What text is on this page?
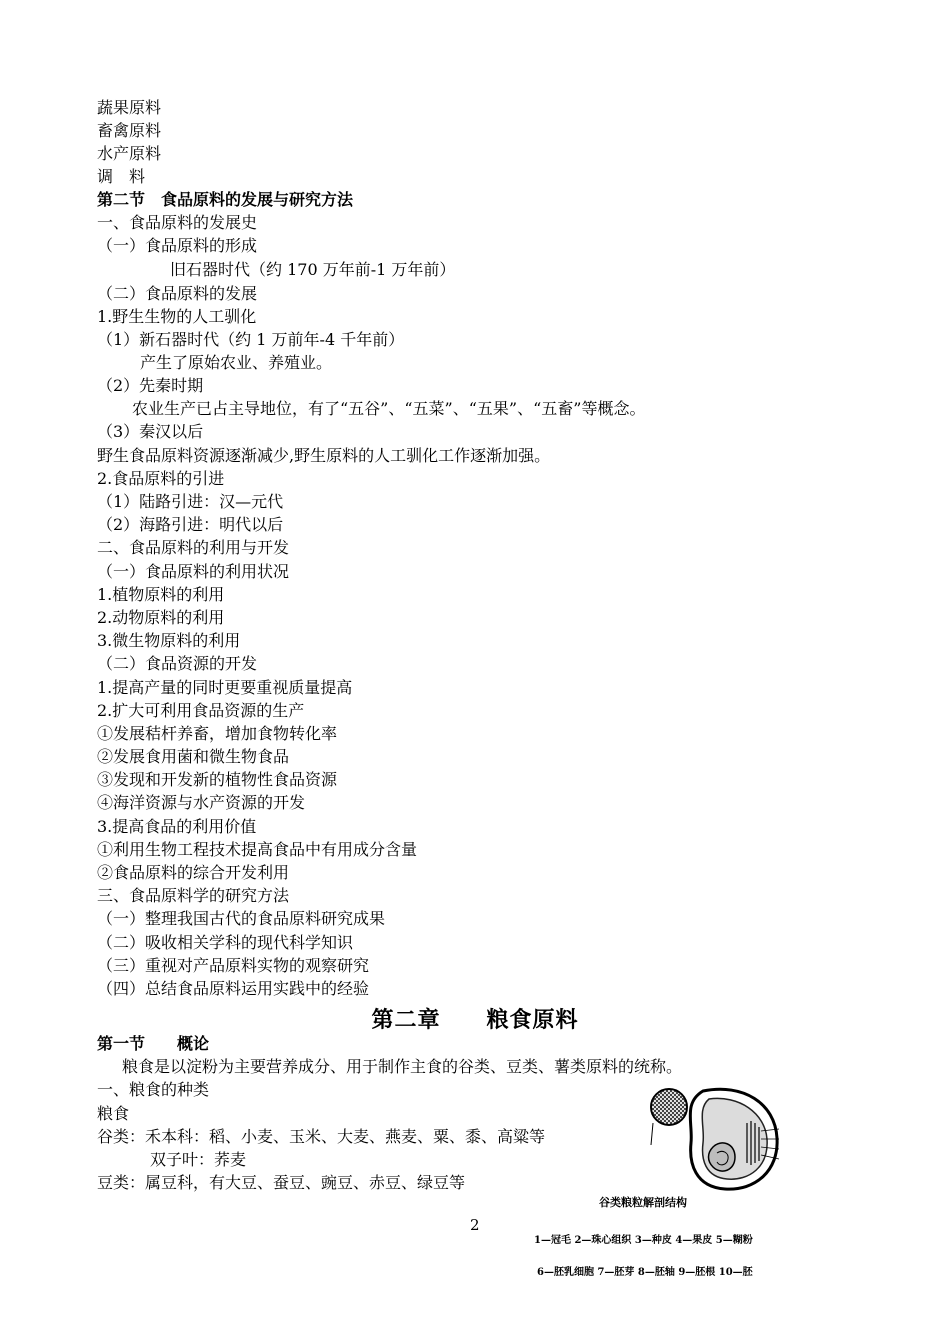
蔬果原料
畜禽原料
水产原料
调　料
第二节　食品原料的发展与研究方法
一、食品原料的发展史
（一）食品原料的形成
旧石器时代（约 170 万年前-1 万年前）
（二）食品原料的发展
1.野生生物的人工驯化
（1）新石器时代（约 1 万前年-4 千年前）
产生了原始农业、养殖业。
（2）先秦时期
农业生产已占主导地位，有了“五谷”、“五菜”、“五果”、“五畜”等概念。
（3）秦汉以后
野生食品原料资源逐渐减少,野生原料的人工驯化工作逐渐加强。
2.食品原料的引进
（1）陆路引进：汉—元代
（2）海路引进：明代以后
二、食品原料的利用与开发
（一）食品原料的利用状况
1.植物原料的利用
2.动物原料的利用
3.微生物原料的利用
（二）食品资源的开发
1.提高产量的同时更要重视质量提高
2.扩大可利用食品资源的生产
①发展秸杆养畜，增加食物转化率
②发展食用菌和微生物食品
③发现和开发新的植物性食品资源
④海洋资源与水产资源的开发
3.提高食品的利用价值
①利用生物工程技术提高食品中有用成分含量
②食品原料的综合开发利用
三、食品原料学的研究方法
（一）整理我国古代的食品原料研究成果
（二）吸收相关学科的现代科学知识
（三）重视对产品原料实物的观察研究
（四）总结食品原料运用实践中的经验
第二章　　粮食原料
第一节　　概论
粮食是以淀粉为主要营养成分、用于制作主食的谷类、豆类、薯类原料的统称。
一、粮食的种类
粮食
谷类：禾本科：稻、小麦、玉米、大麦、燕麦、粟、黍、高粱等
双子叶：荞麦
豆类：属豆科，有大豆、蚕豆、豌豆、赤豆、绿豆等
谷类粮粒解剖结构
1—冠毛 2—珠心组织 3—种皮 4—果皮 5—糊粉
6—胚乳细胞 7—胚芽 8—胚轴 9—胚根 10—胚
2
